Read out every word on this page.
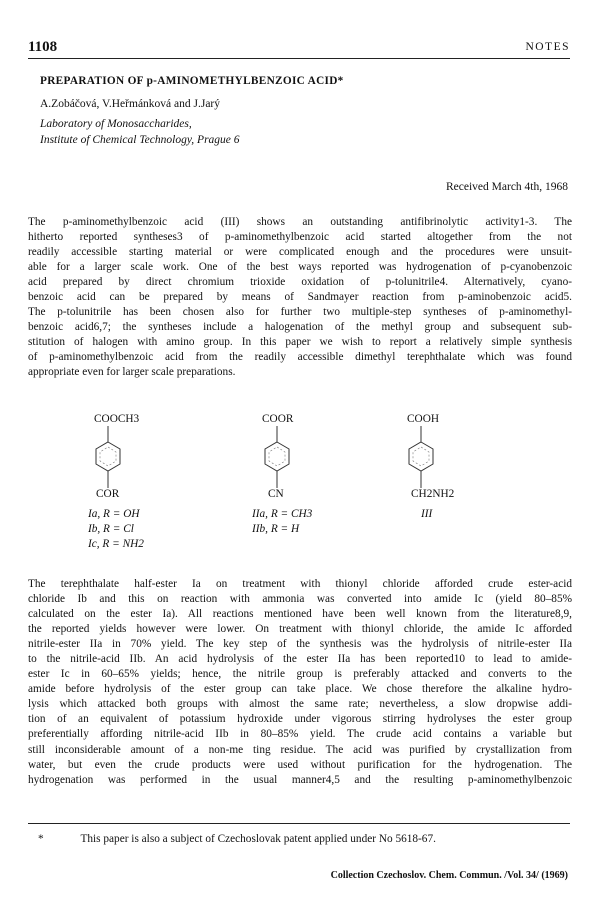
1108	NOTES
PREPARATION OF p-AMINOMETHYLBENZOIC ACID*
A.Zobáčová, V.Heřmánková and J.Jarý
Laboratory of Monosaccharides,
Institute of Chemical Technology, Prague 6
Received March 4th, 1968
The p-aminomethylbenzoic acid (III) shows an outstanding antifibrinolytic activity1-3. The
hitherto reported syntheses3 of p-aminomethylbenzoic acid started altogether from the not
readily accessible starting material or were complicated enough and the procedures were unsuit-
able for a larger scale work. One of the best ways reported was hydrogenation of p-cyanobenzoic
acid prepared by direct chromium trioxide oxidation of p-tolunitrile4. Alternatively, cyano-
benzoic acid can be prepared by means of Sandmayer reaction from p-aminobenzoic acid5.
The p-tolunitrile has been chosen also for further two multiple-step syntheses of p-aminomethyl-
benzoic acid6,7; the syntheses include a halogenation of the methyl group and subsequent sub-
stitution of halogen with amino group. In this paper we wish to report a relatively simple synthesis
of p-aminomethylbenzoic acid from the readily accessible dimethyl terephthalate which was found
appropriate even for larger scale preparations.
COOCH3
COR
Ia, R = OH
Ib, R = Cl
Ic, R = NH2
COOR
CN
IIa, R = CH3
IIb, R = H
COOH
CH2NH2
III
The terephthalate half-ester Ia on treatment with thionyl chloride afforded crude ester-acid
chloride Ib and this on reaction with ammonia was converted into amide Ic (yield 80–85%
calculated on the ester Ia). All reactions mentioned have been well known from the literature8,9,
the reported yields however were lower. On treatment with thionyl chloride, the amide Ic afforded
nitrile-ester IIa in 70% yield. The key step of the synthesis was the hydrolysis of nitrile-ester IIa
to the nitrile-acid IIb. An acid hydrolysis of the ester IIa has been reported10 to lead to amide-
ester Ic in 60–65% yields; hence, the nitrile group is preferably attacked and converts to the
amide before hydrolysis of the ester group can take place. We chose therefore the alkaline hydro-
lysis which attacked both groups with almost the same rate; nevertheless, a slow dropwise addi-
tion of an equivalent of potassium hydroxide under vigorous stirring hydrolyses the ester group
preferentially affording nitrile-acid IIb in 80–85% yield. The crude acid contains a variable but
still inconsiderable amount of a non-me ting residue. The acid was purified by crystallization from
water, but even the crude products were used without purification for the hydrogenation. The
hydrogenation was performed in the usual manner4,5 and the resulting p-aminomethylbenzoic
*	This paper is also a subject of Czechoslovak patent applied under No 5618-67.
Collection Czechoslov. Chem. Commun. /Vol. 34/ (1969)
